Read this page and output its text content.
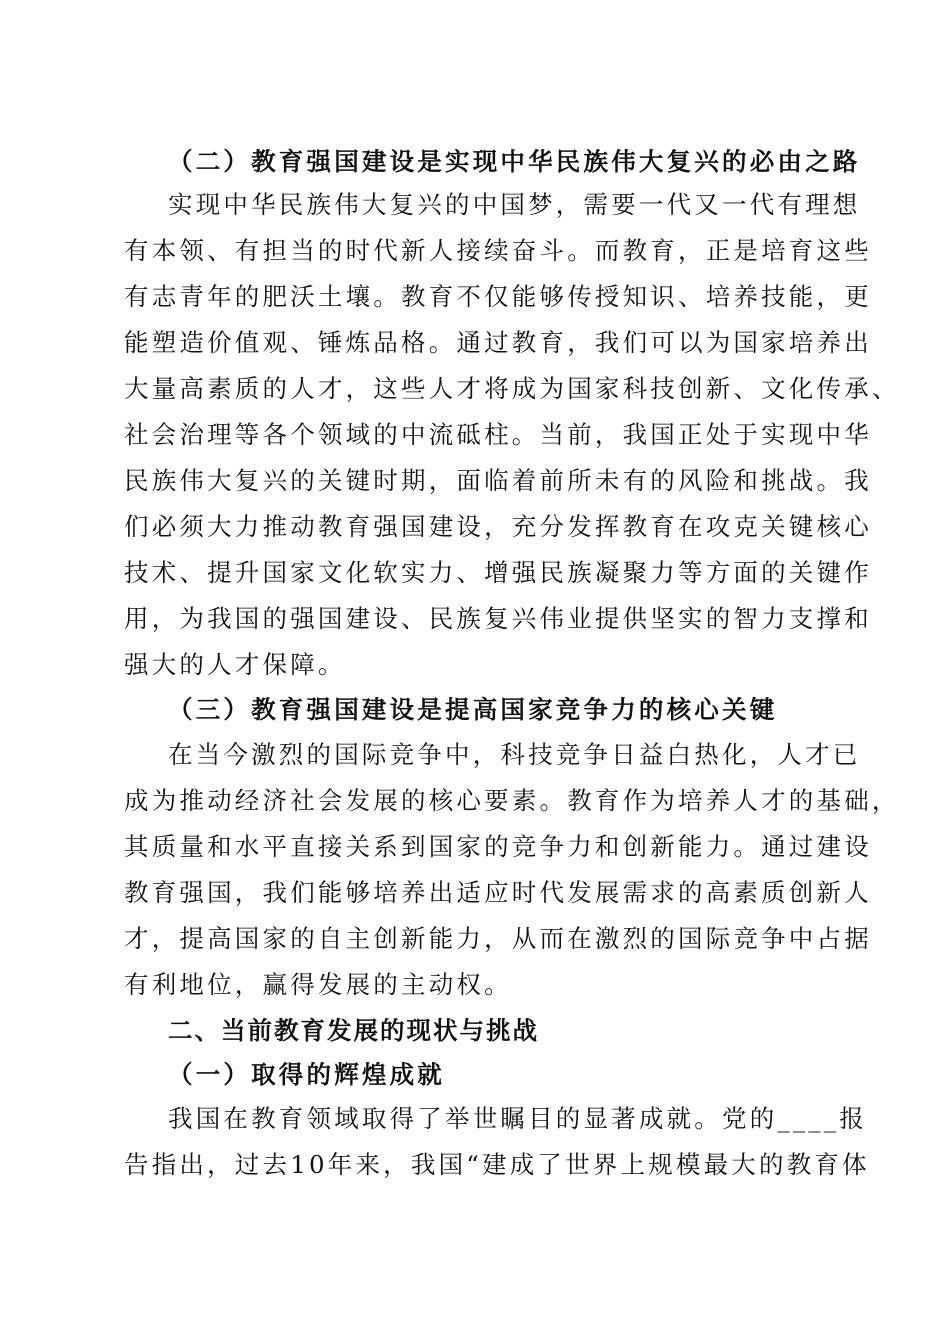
（二）教育强国建设是实现中华民族伟大复兴的必由之路
实现中华民族伟大复兴的中国梦，需要一代又一代有理想
有本领、有担当的时代新人接续奋斗。而教育，正是培育这些
有志青年的肥沃土壤。教育不仅能够传授知识、培养技能，更
能塑造价值观、锤炼品格。通过教育，我们可以为国家培养出
大量高素质的人才，这些人才将成为国家科技创新、文化传承、
社会治理等各个领域的中流砥柱。当前，我国正处于实现中华
民族伟大复兴的关键时期，面临着前所未有的风险和挑战。我
们必须大力推动教育强国建设，充分发挥教育在攻克关键核心
技术、提升国家文化软实力、增强民族凝聚力等方面的关键作
用，为我国的强国建设、民族复兴伟业提供坚实的智力支撑和
强大的人才保障。
（三）教育强国建设是提高国家竞争力的核心关键
在当今激烈的国际竞争中，科技竞争日益白热化，人才已
成为推动经济社会发展的核心要素。教育作为培养人才的基础，
其质量和水平直接关系到国家的竞争力和创新能力。通过建设
教育强国，我们能够培养出适应时代发展需求的高素质创新人
才，提高国家的自主创新能力，从而在激烈的国际竞争中占据
有利地位，赢得发展的主动权。
二、当前教育发展的现状与挑战
（一）取得的辉煌成就
我国在教育领域取得了举世瞩目的显著成就。党的____报
告指出，过去10年来，我国“建成了世界上规模最大的教育体
